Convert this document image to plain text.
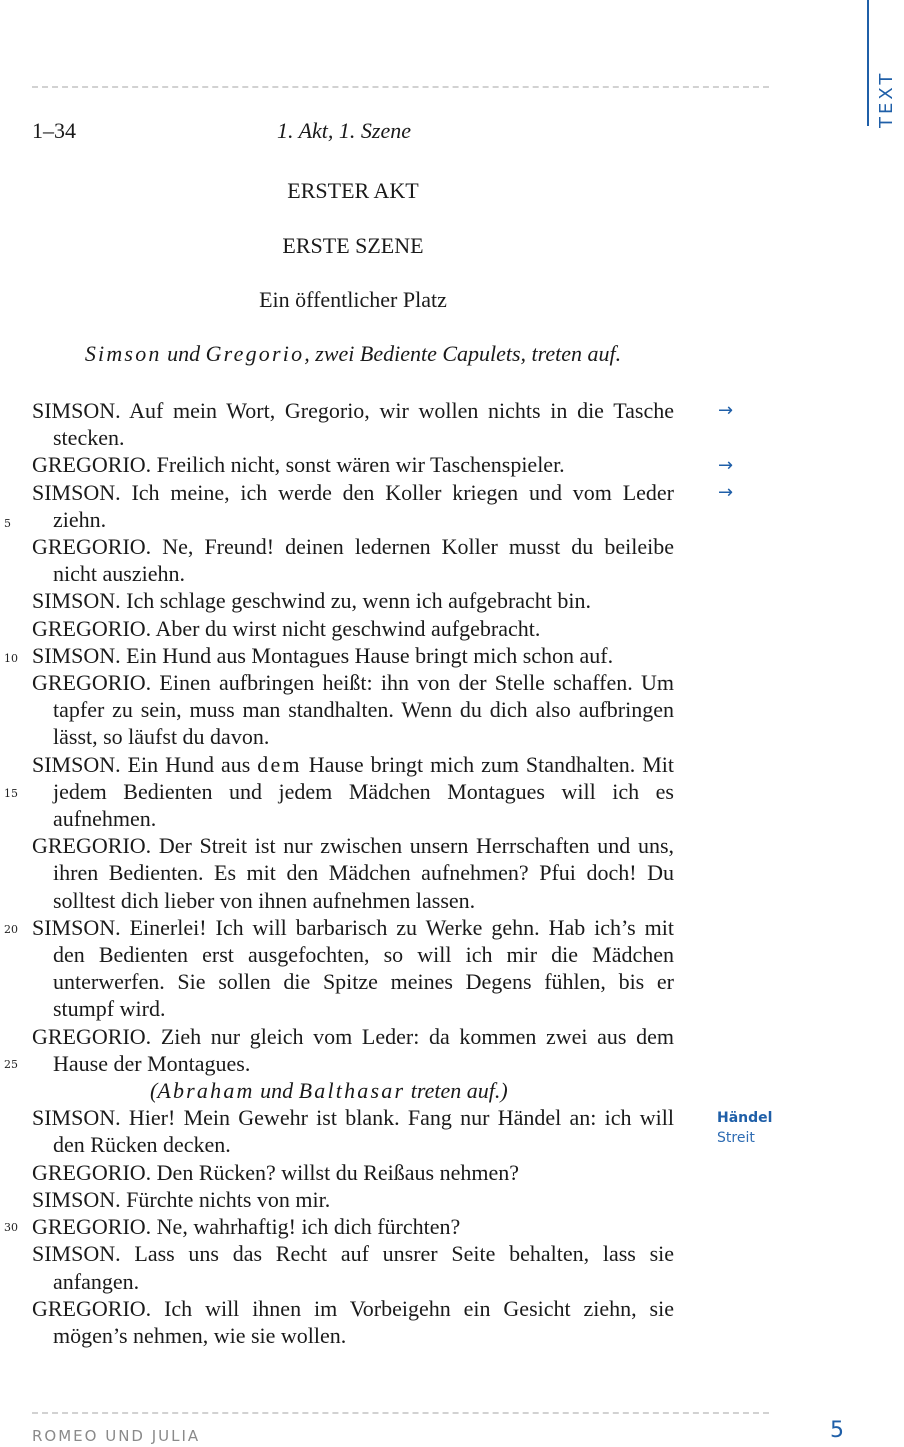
TEXT
1–34	1. Akt, 1. Szene
ERSTER AKT
ERSTE SZENE
Ein öffentlicher Platz
Simson und Gregorio, zwei Bediente Capulets, treten auf.

SIMSON. Auf mein Wort, Gregorio, wir wollen nichts in die Tasche stecken.

GREGORIO. Freilich nicht, sonst wären wir Taschenspieler.

SIMSON. Ich meine, ich werde den Koller kriegen und vom Leder ziehn.

GREGORIO. Ne, Freund! deinen ledernen Koller musst du beileibe nicht ausziehn.

SIMSON. Ich schlage geschwind zu, wenn ich aufgebracht bin.

GREGORIO. Aber du wirst nicht geschwind aufgebracht.

SIMSON. Ein Hund aus Montagues Hause bringt mich schon auf.

GREGORIO. Einen aufbringen heißt: ihn von der Stelle schaffen. Um tapfer zu sein, muss man standhalten. Wenn du dich also aufbringen lässt, so läufst du davon.

SIMSON. Ein Hund aus dem Hause bringt mich zum Standhalten. Mit jedem Bedienten und jedem Mädchen Montagues will ich es aufnehmen.

GREGORIO. Der Streit ist nur zwischen unsern Herrschaften und uns, ihren Bedienten. Es mit den Mädchen aufnehmen? Pfui doch! Du solltest dich lieber von ihnen aufnehmen lassen.

SIMSON. Einerlei! Ich will barbarisch zu Werke gehn. Hab ich’s mit den Bedienten erst ausgefochten, so will ich mir die Mädchen unterwerfen. Sie sollen die Spitze meines Degens fühlen, bis er stumpf wird.

GREGORIO. Zieh nur gleich vom Leder: da kommen zwei aus dem Hause der Montagues.

(Abraham und Balthasar treten auf.)

SIMSON. Hier! Mein Gewehr ist blank. Fang nur Händel an: ich will den Rücken decken.

GREGORIO. Den Rücken? willst du Reißaus nehmen?

SIMSON. Fürchte nichts von mir.

GREGORIO. Ne, wahrhaftig! ich dich fürchten?

SIMSON. Lass uns das Recht auf unsrer Seite behalten, lass sie anfangen.

GREGORIO. Ich will ihnen im Vorbeigehn ein Gesicht ziehn, sie mögen’s nehmen, wie sie wollen.

5
10
15
20
25
30
→
→
→
Händel
Streit
ROMEO UND JULIA	5
